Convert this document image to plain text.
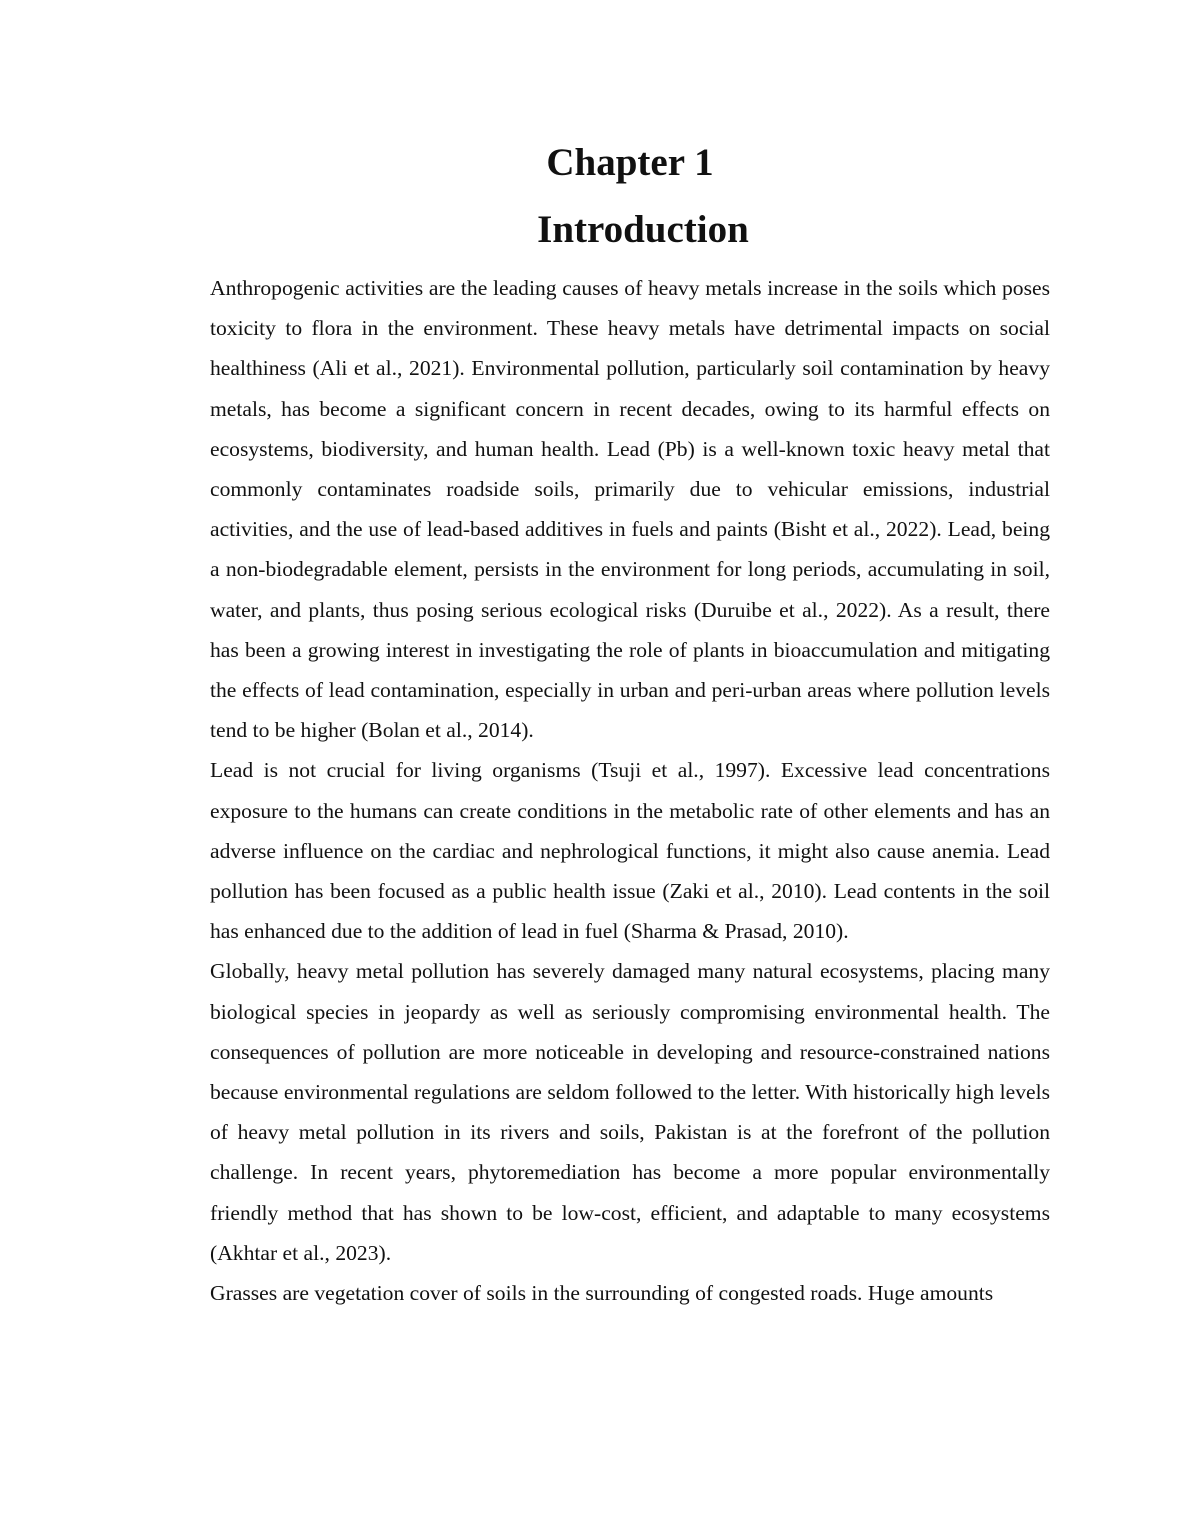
Chapter 1
Introduction

Anthropogenic activities are the leading causes of heavy metals increase in the soils which poses toxicity to flora in the environment. These heavy metals have detrimental impacts on social healthiness (Ali et al., 2021). Environmental pollution, particularly soil contamination by heavy metals, has become a significant concern in recent decades, owing to its harmful effects on ecosystems, biodiversity, and human health. Lead (Pb) is a well-known toxic heavy metal that commonly contaminates roadside soils, primarily due to vehicular emissions, industrial activities, and the use of lead-based additives in fuels and paints (Bisht et al., 2022). Lead, being a non-biodegradable element, persists in the environment for long periods, accumulating in soil, water, and plants, thus posing serious ecological risks (Duruibe et al., 2022). As a result, there has been a growing interest in investigating the role of plants in bioaccumulation and mitigating the effects of lead contamination, especially in urban and peri-urban areas where pollution levels tend to be higher (Bolan et al., 2014).

Lead is not crucial for living organisms (Tsuji et al., 1997). Excessive lead concentrations exposure to the humans can create conditions in the metabolic rate of other elements and has an adverse influence on the cardiac and nephrological functions, it might also cause anemia. Lead pollution has been focused as a public health issue (Zaki et al., 2010). Lead contents in the soil has enhanced due to the addition of lead in fuel (Sharma & Prasad, 2010).

Globally, heavy metal pollution has severely damaged many natural ecosystems, placing many biological species in jeopardy as well as seriously compromising environmental health. The consequences of pollution are more noticeable in developing and resource-constrained nations because environmental regulations are seldom followed to the letter. With historically high levels of heavy metal pollution in its rivers and soils, Pakistan is at the forefront of the pollution challenge. In recent years, phytoremediation has become a more popular environmentally friendly method that has shown to be low-cost, efficient, and adaptable to many ecosystems (Akhtar et al., 2023).

Grasses are vegetation cover of soils in the surrounding of congested roads. Huge amounts
